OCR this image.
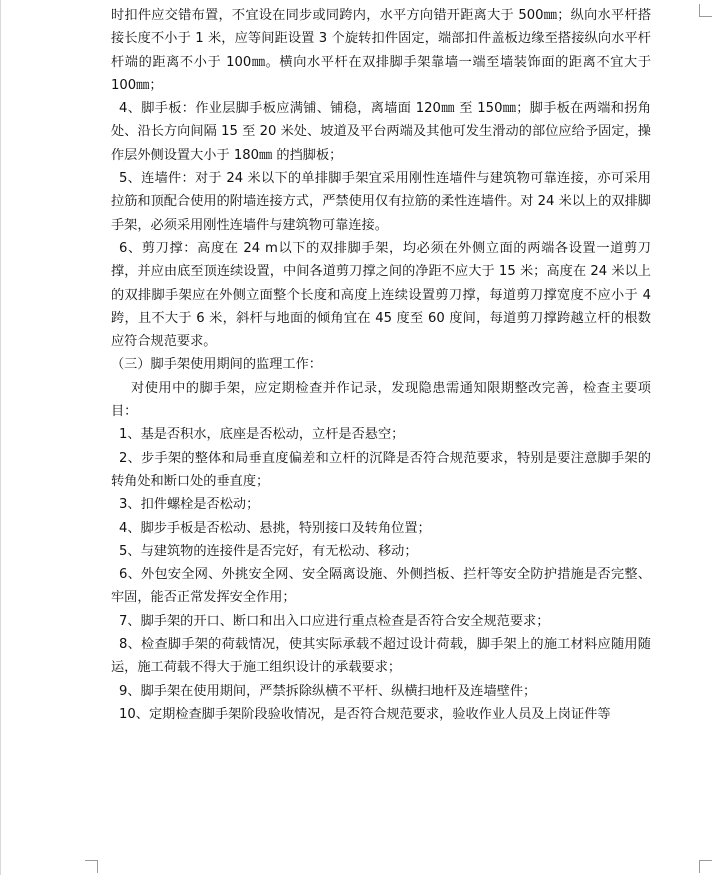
时扣件应交错布置，不宜设在同步或同跨内，水平方向错开距离大于 500㎜；纵向水平杆搭接长度不小于 1 米，应等间距设置 3 个旋转扣件固定，端部扣件盖板边缘至搭接纵向水平杆杆端的距离不小于 100㎜。横向水平杆在双排脚手架靠墙一端至墙装饰面的距离不宜大于 100㎜；

4、脚手板：作业层脚手板应满铺、铺稳，离墙面 120㎜ 至 150㎜；脚手板在两端和拐角处、沿长方向间隔 15 至 20 米处、坡道及平台两端及其他可发生滑动的部位应给予固定，操作层外侧设置大小于 180㎜ 的挡脚板；

5、连墙件：对于 24 米以下的单排脚手架宜采用刚性连墙件与建筑物可靠连接，亦可采用拉筋和顶配合使用的附墙连接方式，严禁使用仅有拉筋的柔性连墙件。对 24 米以上的双排脚手架，必须采用刚性连墙件与建筑物可靠连接。

6、剪刀撑：高度在 24 m以下的双排脚手架，均必须在外侧立面的两端各设置一道剪刀撑，并应由底至顶连续设置，中间各道剪刀撑之间的净距不应大于 15 米；高度在 24 米以上的双排脚手架应在外侧立面整个长度和高度上连续设置剪刀撑，每道剪刀撑宽度不应小于 4 跨，且不大于 6 米，斜杆与地面的倾角宜在 45 度至 60 度间，每道剪刀撑跨越立杆的根数应符合规范要求。

（三）脚手架使用期间的监理工作：

对使用中的脚手架，应定期检查并作记录，发现隐患需通知限期整改完善，检查主要项目：

1、基是否积水，底座是否松动，立杆是否悬空；

2、步手架的整体和局垂直度偏差和立杆的沉降是否符合规范要求，特别是要注意脚手架的转角处和断口处的垂直度；

3、扣件螺栓是否松动；

4、脚步手板是否松动、悬挑，特别接口及转角位置；

5、与建筑物的连接件是否完好，有无松动、移动；

6、外包安全网、外挑安全网、安全隔离设施、外侧挡板、拦杆等安全防护措施是否完整、牢固，能否正常发挥安全作用；

7、脚手架的开口、断口和出入口应进行重点检查是否符合安全规范要求；

8、检查脚手架的荷载情况，使其实际承载不超过设计荷载，脚手架上的施工材料应随用随运，施工荷载不得大于施工组织设计的承载要求；

9、脚手架在使用期间，严禁拆除纵横不平杆、纵横扫地杆及连墙壁件；

10、定期检查脚手架阶段验收情况，是否符合规范要求，验收作业人员及上岗证件等
